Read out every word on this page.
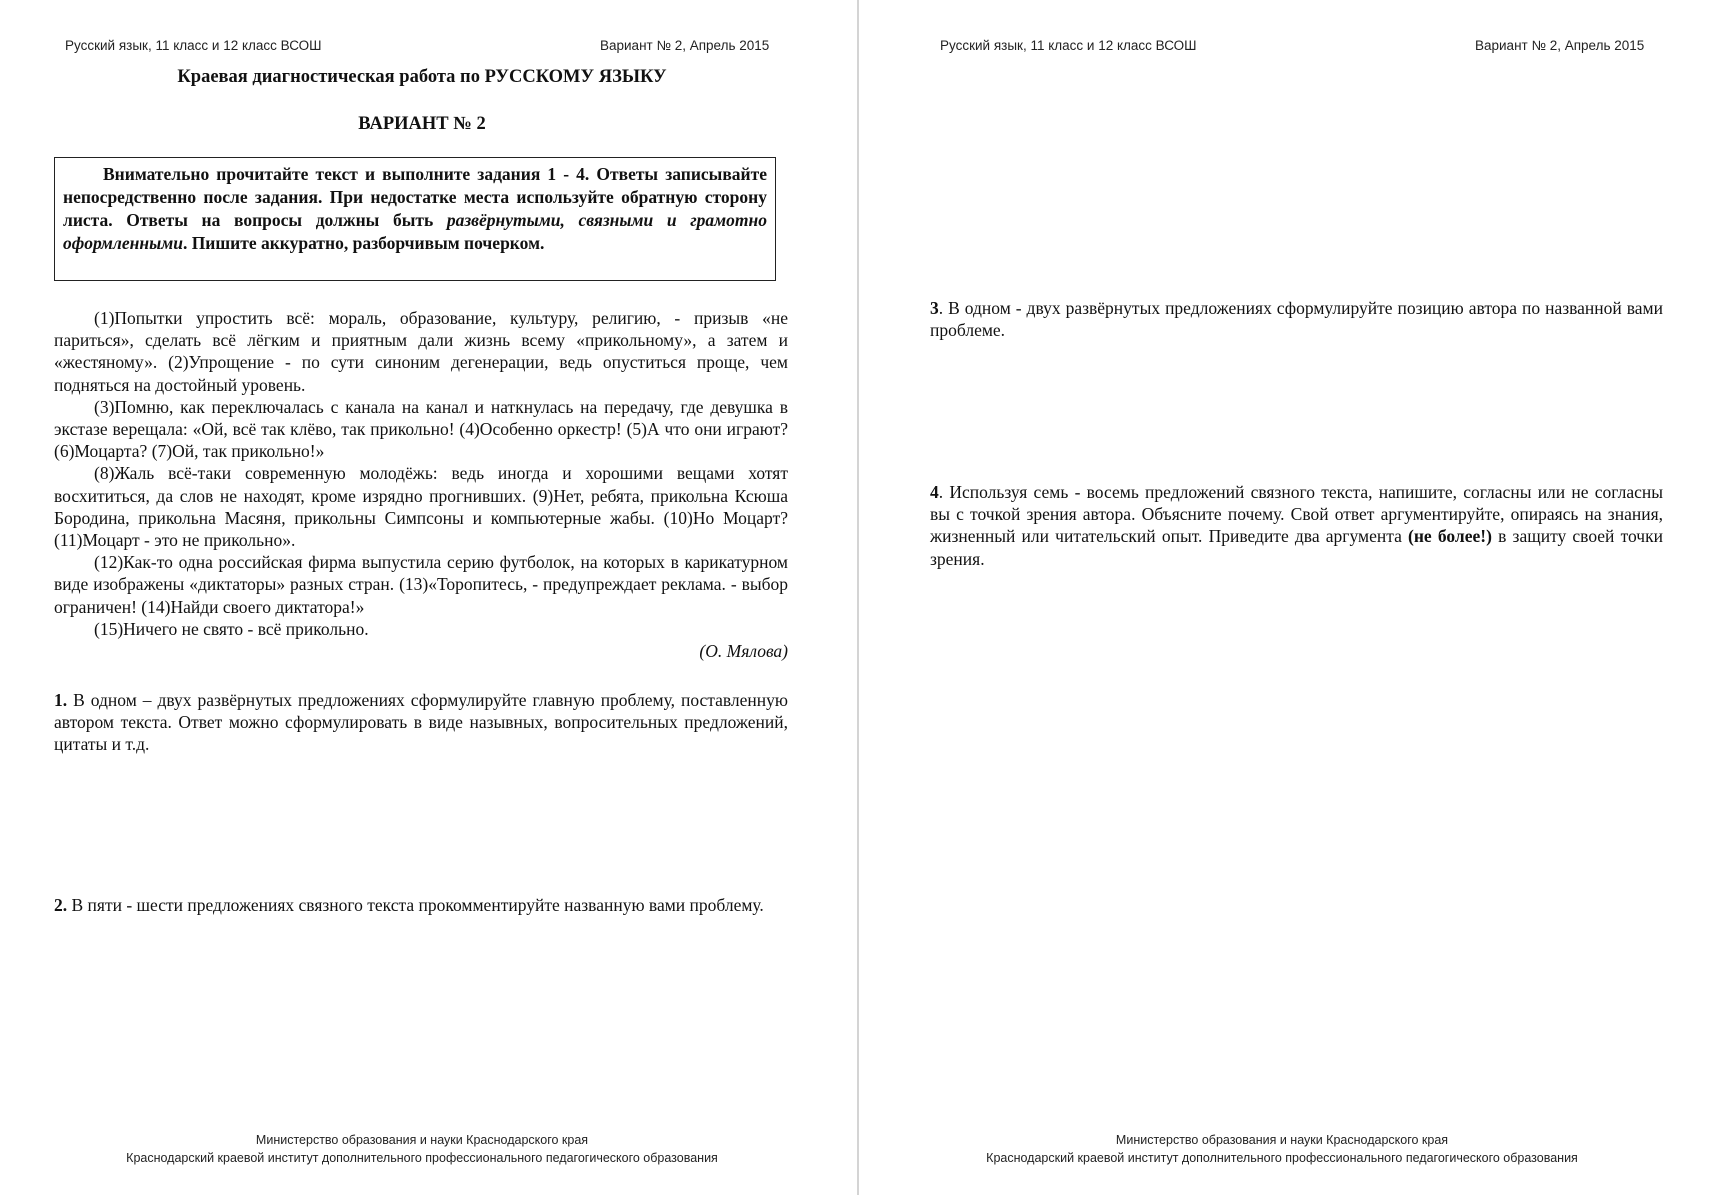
Русский язык, 11 класс и 12 класс ВСОШ	Вариант № 2, Апрель 2015
Краевая диагностическая работа по РУССКОМУ ЯЗЫКУ
ВАРИАНТ № 2

Внимательно прочитайте текст и выполните задания 1 - 4. Ответы записывайте непосредственно после задания. При недостатке места используйте обратную сторону листа. Ответы на вопросы должны быть развёрнутыми, связными и грамотно оформленными. Пишите аккуратно, разборчивым почерком.

(1)Попытки упростить всё: мораль, образование, культуру, религию, - призыв «не париться», сделать всё лёгким и приятным дали жизнь всему «прикольному», а затем и «жестяному». (2)Упрощение - по сути синоним дегенерации, ведь опуститься проще, чем подняться на достойный уровень.

(3)Помню, как переключалась с канала на канал и наткнулась на передачу, где девушка в экстазе верещала: «Ой, всё так клёво, так прикольно! (4)Особенно оркестр! (5)А что они играют? (6)Моцарта? (7)Ой, так прикольно!»

(8)Жаль всё-таки современную молодёжь: ведь иногда и хорошими вещами хотят восхититься, да слов не находят, кроме изрядно прогнивших. (9)Нет, ребята, прикольна Ксюша Бородина, прикольна Масяня, прикольны Симпсоны и компьютерные жабы. (10)Но Моцарт? (11)Моцарт - это не прикольно».

(12)Как-то одна российская фирма выпустила серию футболок, на которых в карикатурном виде изображены «диктаторы» разных стран. (13)«Торопитесь, - предупреждает реклама. - выбор ограничен! (14)Найди своего диктатора!»

(15)Ничего не свято - всё прикольно.

(О. Мялова)

1. В одном – двух развёрнутых предложениях сформулируйте главную проблему, поставленную автором текста. Ответ можно сформулировать в виде назывных, вопросительных предложений, цитаты и т.д.

2. В пяти - шести предложениях связного текста прокомментируйте названную вами проблему.

Министерство образования и науки Краснодарского края
Краснодарский краевой институт дополнительного профессионального педагогического образования
Русский язык, 11 класс и 12 класс ВСОШ	Вариант № 2, Апрель 2015

3. В одном - двух развёрнутых предложениях сформулируйте позицию автора по названной вами проблеме.

4. Используя семь - восемь предложений связного текста, напишите, согласны или не согласны вы с точкой зрения автора. Объясните почему. Свой ответ аргументируйте, опираясь на знания, жизненный или читательский опыт. Приведите два аргумента (не более!) в защиту своей точки зрения.

Министерство образования и науки Краснодарского края
Краснодарский краевой институт дополнительного профессионального педагогического образования
